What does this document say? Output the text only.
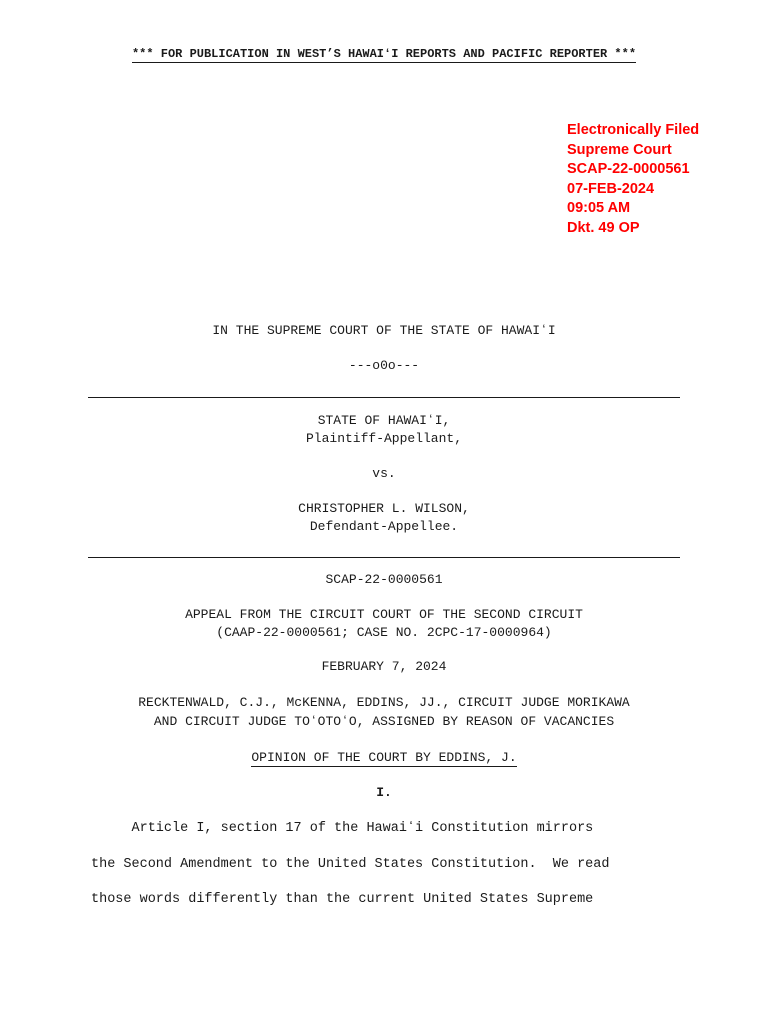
*** FOR PUBLICATION IN WEST’S HAWAIʻI REPORTS AND PACIFIC REPORTER ***
Electronically Filed
Supreme Court
SCAP-22-0000561
07-FEB-2024
09:05 AM
Dkt. 49 OP
IN THE SUPREME COURT OF THE STATE OF HAWAIʻI
---o0o---
STATE OF HAWAIʻI,
Plaintiff-Appellant,
vs.
CHRISTOPHER L. WILSON,
Defendant-Appellee.
SCAP-22-0000561
APPEAL FROM THE CIRCUIT COURT OF THE SECOND CIRCUIT
(CAAP-22-0000561; CASE NO. 2CPC-17-0000964)
FEBRUARY 7, 2024
RECKTENWALD, C.J., McKENNA, EDDINS, JJ., CIRCUIT JUDGE MORIKAWA
AND CIRCUIT JUDGE TOʻOTOʻO, ASSIGNED BY REASON OF VACANCIES
OPINION OF THE COURT BY EDDINS, J.
I.
Article I, section 17 of the Hawaiʻi Constitution mirrors
the Second Amendment to the United States Constitution.  We read
those words differently than the current United States Supreme
